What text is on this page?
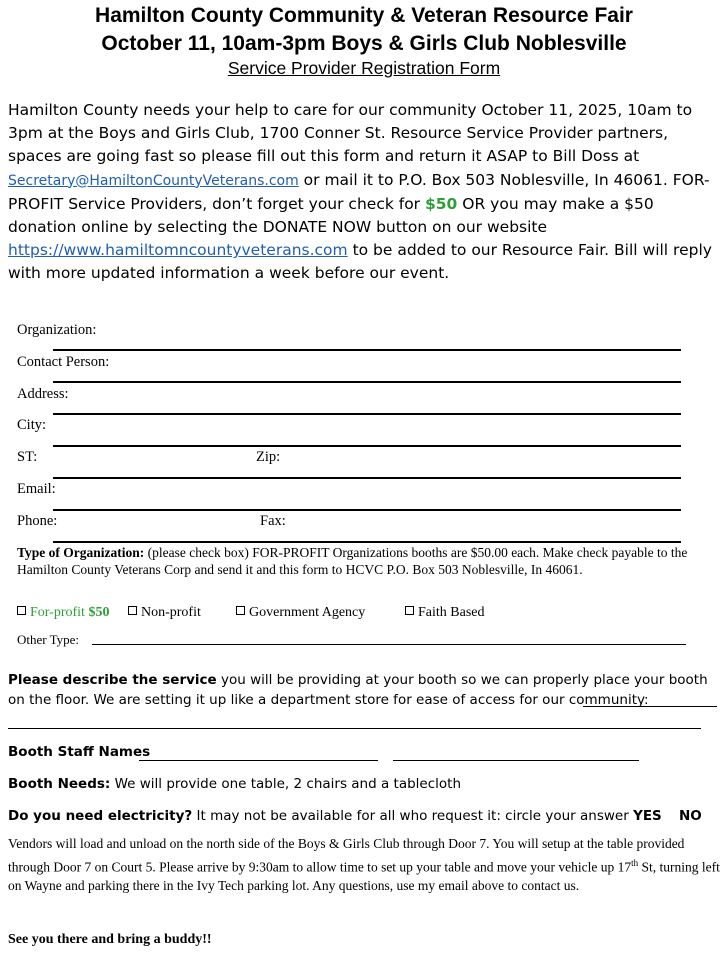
Hamilton County Community & Veteran Resource Fair
October 11, 10am-3pm Boys & Girls Club Noblesville
Service Provider Registration Form
Hamilton County needs your help to care for our community October 11, 2025, 10am to 3pm at the Boys and Girls Club, 1700 Conner St. Resource Service Provider partners, spaces are going fast so please fill out this form and return it ASAP to Bill Doss at Secretary@HamiltonCountyVeterans.com or mail it to P.O. Box 503 Noblesville, In 46061. FOR-PROFIT Service Providers, don’t forget your check for $50 OR you may make a $50 donation online by selecting the DONATE NOW button on our website https://www.hamiltomncountyveterans.com to be added to our Resource Fair. Bill will reply with more updated information a week before our event.
Organization:
Contact Person:
Address:
City:
ST:	Zip:
Email:
Phone:	Fax:
Type of Organization: (please check box) FOR-PROFIT Organizations booths are $50.00 each. Make check payable to the Hamilton County Veterans Corp and send it and this form to HCVC P.O. Box 503 Noblesville, In 46061.
For-profit $50	Non-profit	Government Agency	Faith Based
Other Type:
Please describe the service you will be providing at your booth so we can properly place your booth on the floor. We are setting it up like a department store for ease of access for our community:
Booth Staff Names
Booth Needs: We will provide one table, 2 chairs and a tablecloth
Do you need electricity? It may not be available for all who request it: circle your answer YES NO
Vendors will load and unload on the north side of the Boys & Girls Club through Door 7. You will setup at the table provided through Door 7 on Court 5. Please arrive by 9:30am to allow time to set up your table and move your vehicle up 17th St, turning left on Wayne and parking there in the Ivy Tech parking lot. Any questions, use my email above to contact us.
See you there and bring a buddy!!
